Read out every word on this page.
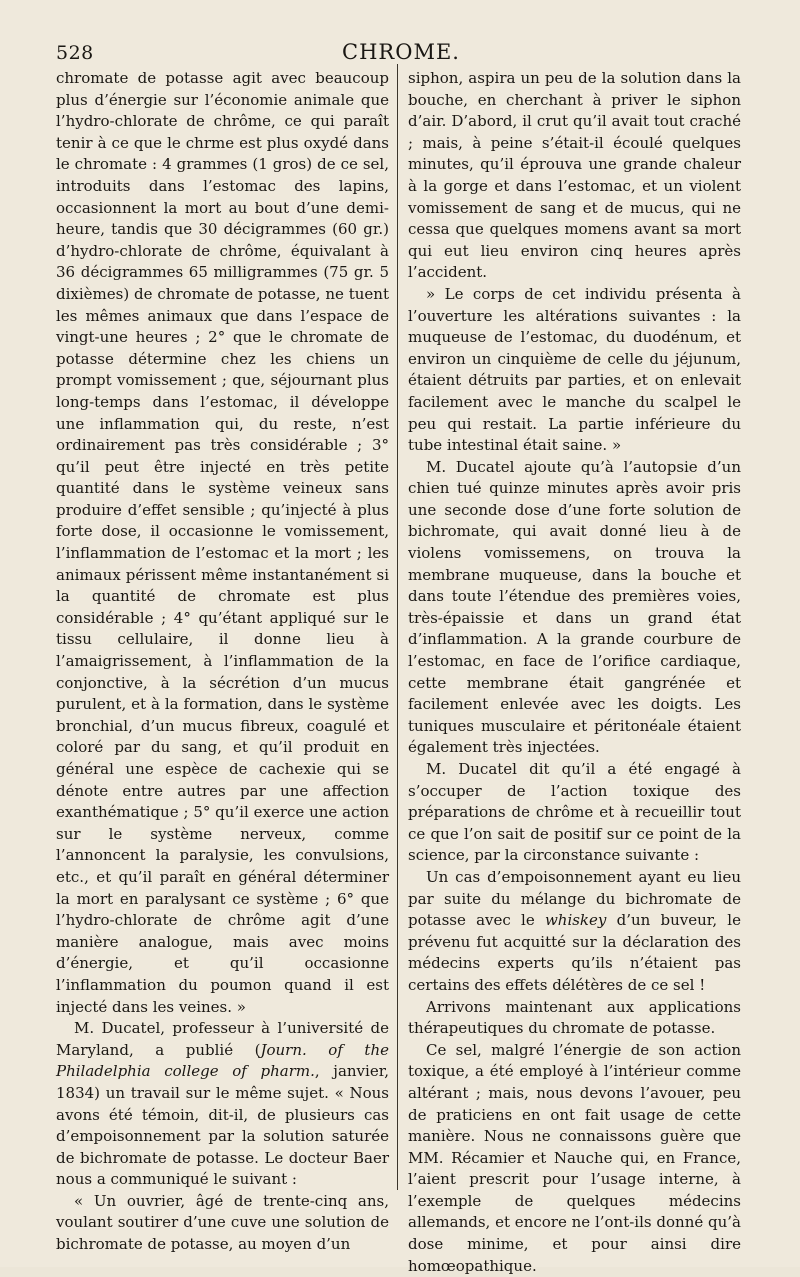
528	CHROME.

chromate de potasse agit avec beaucoup plus d’énergie sur l’économie animale que l’hydro-chlorate de chrôme, ce qui paraît tenir à ce que le chrme est plus oxydé dans le chromate : 4 grammes (1 gros) de ce sel, introduits dans l’estomac des lapins, occasionnent la mort au bout d’une demi-heure, tandis que 30 décigrammes (60 gr.) d’hydro-chlorate de chrôme, équivalant à 36 décigrammes 65 milligrammes (75 gr. 5 dixièmes) de chromate de potasse, ne tuent les mêmes animaux que dans l’espace de vingt-une heures ; 2° que le chromate de potasse détermine chez les chiens un prompt vomissement ; que, séjournant plus long-temps dans l’estomac, il développe une inflammation qui, du reste, n’est ordinairement pas très considérable ; 3° qu’il peut être injecté en très petite quantité dans le système veineux sans produire d’effet sensible ; qu’injecté à plus forte dose, il occasionne le vomissement, l’inflammation de l’estomac et la mort ; les animaux périssent même instantanément si la quantité de chromate est plus considérable ; 4° qu’étant appliqué sur le tissu cellulaire, il donne lieu à l’amaigrissement, à l’inflammation de la conjonctive, à la sécrétion d’un mucus purulent, et à la formation, dans le système bronchial, d’un mucus fibreux, coagulé et coloré par du sang, et qu’il produit en général une espèce de cachexie qui se dénote entre autres par une affection exanthématique ; 5° qu’il exerce une action sur le système nerveux, comme l’annoncent la paralysie, les convulsions, etc., et qu’il paraît en général déterminer la mort en paralysant ce système ; 6° que l’hydro-chlorate de chrôme agit d’une manière analogue, mais avec moins d’énergie, et qu’il occasionne l’inflammation du poumon quand il est injecté dans les veines. »

M. Ducatel, professeur à l’université de Maryland, a publié (Journ. of the Philadelphia college of pharm., janvier, 1834) un travail sur le même sujet. « Nous avons été témoin, dit-il, de plusieurs cas d’empoisonnement par la solution saturée de bichromate de potasse. Le docteur Baer nous a communiqué le suivant :

« Un ouvrier, âgé de trente-cinq ans, voulant soutirer d’une cuve une solution de bichromate de potasse, au moyen d’un

siphon, aspira un peu de la solution dans la bouche, en cherchant à priver le siphon d’air. D’abord, il crut qu’il avait tout craché ; mais, à peine s’était-il écoulé quelques minutes, qu’il éprouva une grande chaleur à la gorge et dans l’estomac, et un violent vomissement de sang et de mucus, qui ne cessa que quelques momens avant sa mort qui eut lieu environ cinq heures après l’accident.

» Le corps de cet individu présenta à l’ouverture les altérations suivantes : la muqueuse de l’estomac, du duodénum, et environ un cinquième de celle du jéjunum, étaient détruits par parties, et on enlevait facilement avec le manche du scalpel le peu qui restait. La partie inférieure du tube intestinal était saine. »

M. Ducatel ajoute qu’à l’autopsie d’un chien tué quinze minutes après avoir pris une seconde dose d’une forte solution de bichromate, qui avait donné lieu à de violens vomissemens, on trouva la membrane muqueuse, dans la bouche et dans toute l’étendue des premières voies, très-épaissie et dans un grand état d’inflammation. A la grande courbure de l’estomac, en face de l’orifice cardiaque, cette membrane était gangrénée et facilement enlevée avec les doigts. Les tuniques musculaire et péritonéale étaient également très injectées.

M. Ducatel dit qu’il a été engagé à s’occuper de l’action toxique des préparations de chrôme et à recueillir tout ce que l’on sait de positif sur ce point de la science, par la circonstance suivante :

Un cas d’empoisonnement ayant eu lieu par suite du mélange du bichromate de potasse avec le whiskey d’un buveur, le prévenu fut acquitté sur la déclaration des médecins experts qu’ils n’étaient pas certains des effets délétères de ce sel !

Arrivons maintenant aux applications thérapeutiques du chromate de potasse.

Ce sel, malgré l’énergie de son action toxique, a été employé à l’intérieur comme altérant ; mais, nous devons l’avouer, peu de praticiens en ont fait usage de cette manière. Nous ne connaissons guère que MM. Récamier et Nauche qui, en France, l’aient prescrit pour l’usage interne, à l’exemple de quelques médecins allemands, et encore ne l’ont-ils donné qu’à dose minime, et pour ainsi dire homœopathique.
